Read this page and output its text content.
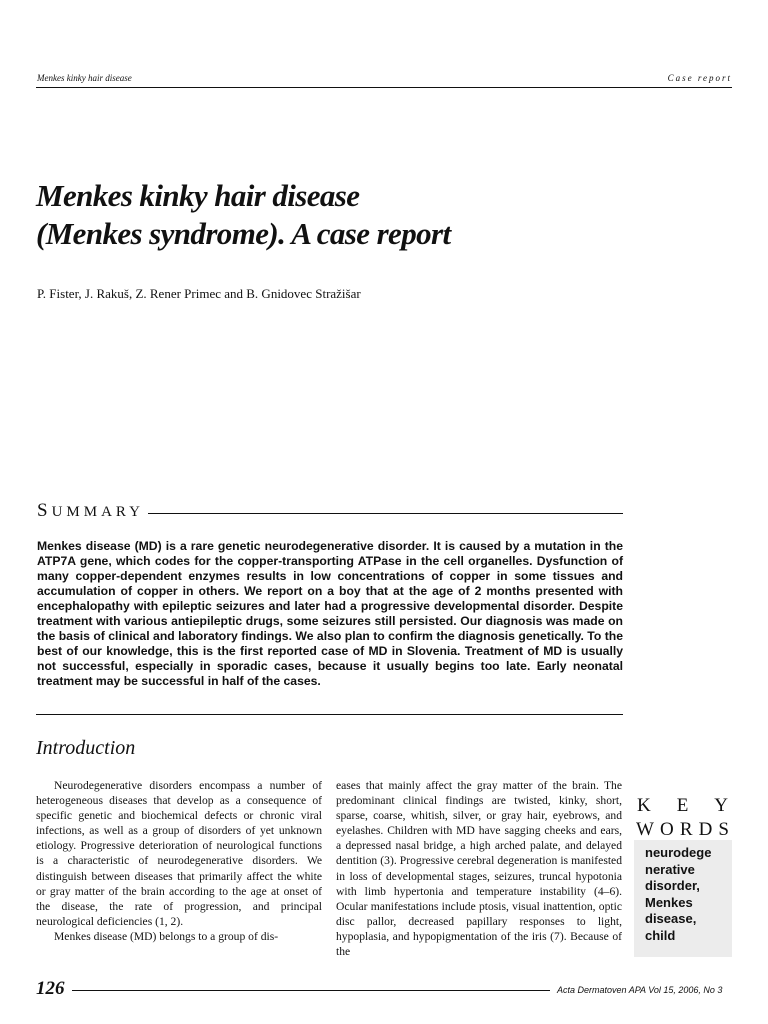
Menkes kinky hair disease	Case report
Menkes kinky hair disease
(Menkes syndrome). A case report
P. Fister, J. Rakuš, Z. Rener Primec and B. Gnidovec Stražišar
SUMMARY

Menkes disease (MD) is a rare genetic neurodegenerative disorder. It is caused by a mutation in the ATP7A gene, which codes for the copper-transporting ATPase in the cell organelles. Dysfunction of many copper-dependent enzymes results in low concentrations of copper in some tissues and accumulation of copper in others. We report on a boy that at the age of 2 months presented with encephalopathy with epileptic seizures and later had a progressive developmental disorder. Despite treatment with various antiepileptic drugs, some seizures still persisted. Our diagnosis was made on the basis of clinical and laboratory findings. We also plan to confirm the diagnosis genetically. To the best of our knowledge, this is the first reported case of MD in Slovenia. Treatment of MD is usually not successful, especially in sporadic cases, because it usually begins too late. Early neonatal treatment may be successful in half of the cases.

Introduction

Neurodegenerative disorders encompass a number of heterogeneous diseases that develop as a consequence of specific genetic and biochemical defects or chronic viral infections, as well as a group of disorders of yet unknown etiology. Progressive deterioration of neurological functions is a characteristic of neurodegenerative disorders. We distinguish between diseases that primarily affect the white or gray matter of the brain according to the age at onset of the disease, the rate of progression, and principal neurological deficiencies (1, 2).

Menkes disease (MD) belongs to a group of dis-

eases that mainly affect the gray matter of the brain. The predominant clinical findings are twisted, kinky, short, sparse, coarse, whitish, silver, or gray hair, eyebrows, and eyelashes. Children with MD have sagging cheeks and ears, a depressed nasal bridge, a high arched palate, and delayed dentition (3). Progressive cerebral degeneration is manifested in loss of developmental stages, seizures, truncal hypotonia with limb hypertonia and temperature instability (4–6). Ocular manifestations include ptosis, visual inattention, optic disc pallor, decreased papillary responses to light, hypoplasia, and hypopigmentation of the iris (7). Because of the

K E Y
W O R D S
neurodege
nerative
disorder,
Menkes
disease,
child
126	Acta Dermatoven APA Vol 15, 2006, No 3
